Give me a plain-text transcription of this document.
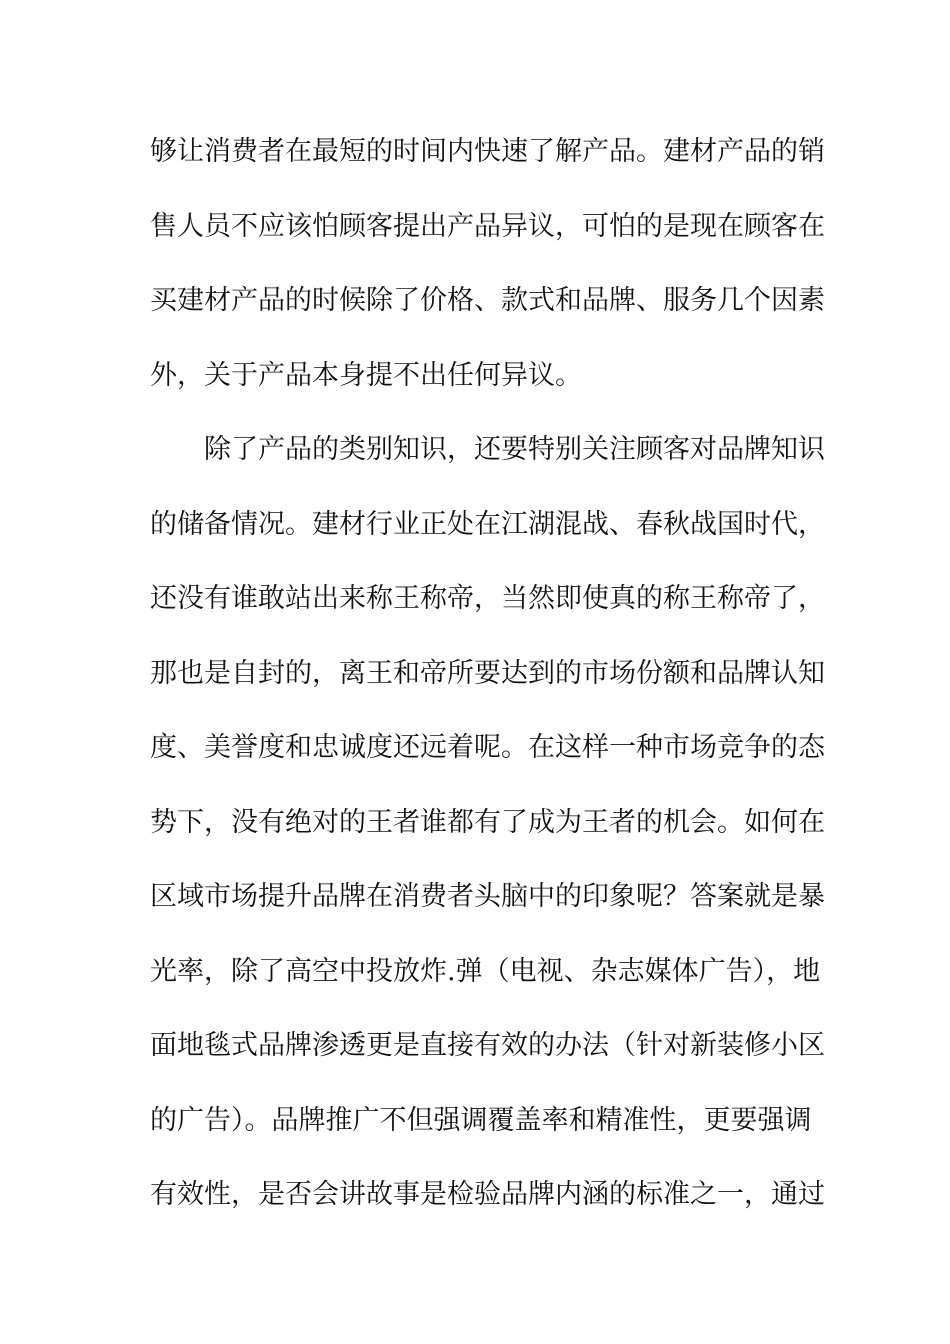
够让消费者在最短的时间内快速了解产品。建材产品的销
售人员不应该怕顾客提出产品异议，可怕的是现在顾客在
买建材产品的时候除了价格、款式和品牌、服务几个因素
外，关于产品本身提不出任何异议。
除了产品的类别知识，还要特别关注顾客对品牌知识
的储备情况。建材行业正处在江湖混战、春秋战国时代，
还没有谁敢站出来称王称帝，当然即使真的称王称帝了，
那也是自封的，离王和帝所要达到的市场份额和品牌认知
度、美誉度和忠诚度还远着呢。在这样一种市场竞争的态
势下，没有绝对的王者谁都有了成为王者的机会。如何在
区域市场提升品牌在消费者头脑中的印象呢？答案就是暴
光率，除了高空中投放炸.弹（电视、杂志媒体广告），地
面地毯式品牌渗透更是直接有效的办法（针对新装修小区
的广告）。品牌推广不但强调覆盖率和精准性，更要强调
有效性，是否会讲故事是检验品牌内涵的标准之一，通过
